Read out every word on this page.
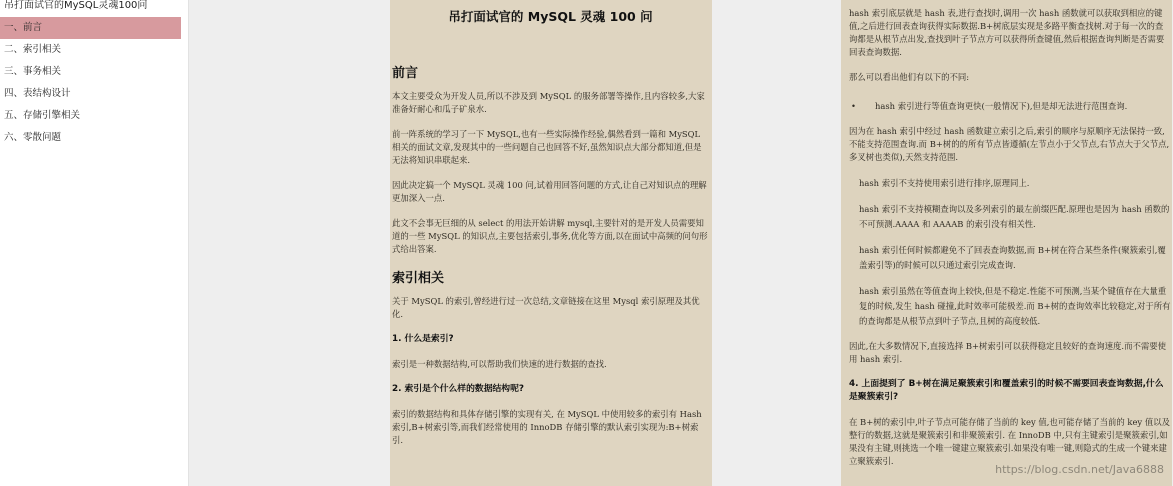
吊打面试官的MySQL灵魂100问
一、前言
二、索引相关
三、事务相关
四、表结构设计
五、存储引擎相关
六、零散问题
吊打面试官的 MySQL 灵魂 100 问
前言

本文主要受众为开发人员,所以不涉及到 MySQL 的服务部署等操作,且内容较多,大家准备好耐心和瓜子矿泉水.

前一阵系统的学习了一下 MySQL,也有一些实际操作经验,偶然看到一篇和 MySQL 相关的面试文章,发现其中的一些问题自己也回答不好,虽然知识点大部分都知道,但是无法将知识串联起来.

因此决定搞一个 MySQL 灵魂 100 问,试着用回答问题的方式,让自己对知识点的理解更加深入一点.

此文不会事无巨细的从 select 的用法开始讲解 mysql,主要针对的是开发人员需要知道的一些 MySQL 的知识点,主要包括索引,事务,优化等方面,以在面试中高频的问句形式给出答案.

索引相关

关于 MySQL 的索引,曾经进行过一次总结,文章链接在这里 Mysql 索引原理及其优化.

1. 什么是索引?

索引是一种数据结构,可以帮助我们快速的进行数据的查找.

2. 索引是个什么样的数据结构呢?

索引的数据结构和具体存储引擎的实现有关, 在 MySQL 中使用较多的索引有 Hash 索引,B+树索引等,而我们经常使用的 InnoDB 存储引擎的默认索引实现为:B+树索引.

hash 索引底层就是 hash 表,进行查找时,调用一次 hash 函数就可以获取到相应的键值,之后进行回表查询获得实际数据.B+树底层实现是多路平衡查找树.对于每一次的查询都是从根节点出发,查找到叶子节点方可以获得所查键值,然后根据查询判断是否需要回表查询数据.

那么可以看出他们有以下的不同:

•	hash 索引进行等值查询更快(一般情况下),但是却无法进行范围查询.

因为在 hash 索引中经过 hash 函数建立索引之后,索引的顺序与原顺序无法保持一致,不能支持范围查询.而 B+树的的所有节点皆遵循(左节点小于父节点,右节点大于父节点,多叉树也类似),天然支持范围.

hash 索引不支持使用索引进行排序,原理同上.

hash 索引不支持模糊查询以及多列索引的最左前缀匹配.原理也是因为 hash 函数的不可预测.AAAA 和 AAAAB 的索引没有相关性.

hash 索引任何时候都避免不了回表查询数据,而 B+树在符合某些条件(聚簇索引,覆盖索引等)的时候可以只通过索引完成查询.

hash 索引虽然在等值查询上较快,但是不稳定.性能不可预测,当某个键值存在大量重复的时候,发生 hash 碰撞,此时效率可能极差.而 B+树的查询效率比较稳定,对于所有的查询都是从根节点到叶子节点,且树的高度较低.

因此,在大多数情况下,直接选择 B+树索引可以获得稳定且较好的查询速度.而不需要使用 hash 索引.

4. 上面提到了 B+树在满足聚簇索引和覆盖索引的时候不需要回表查询数据,什么是聚簇索引?

在 B+树的索引中,叶子节点可能存储了当前的 key 值,也可能存储了当前的 key 值以及整行的数据,这就是聚簇索引和非聚簇索引. 在 InnoDB 中,只有主键索引是聚簇索引,如果没有主键,则挑选一个唯一键建立聚簇索引.如果没有唯一键,则隐式的生成一个键来建立聚簇索引.

https://blog.csdn.net/Java6888
